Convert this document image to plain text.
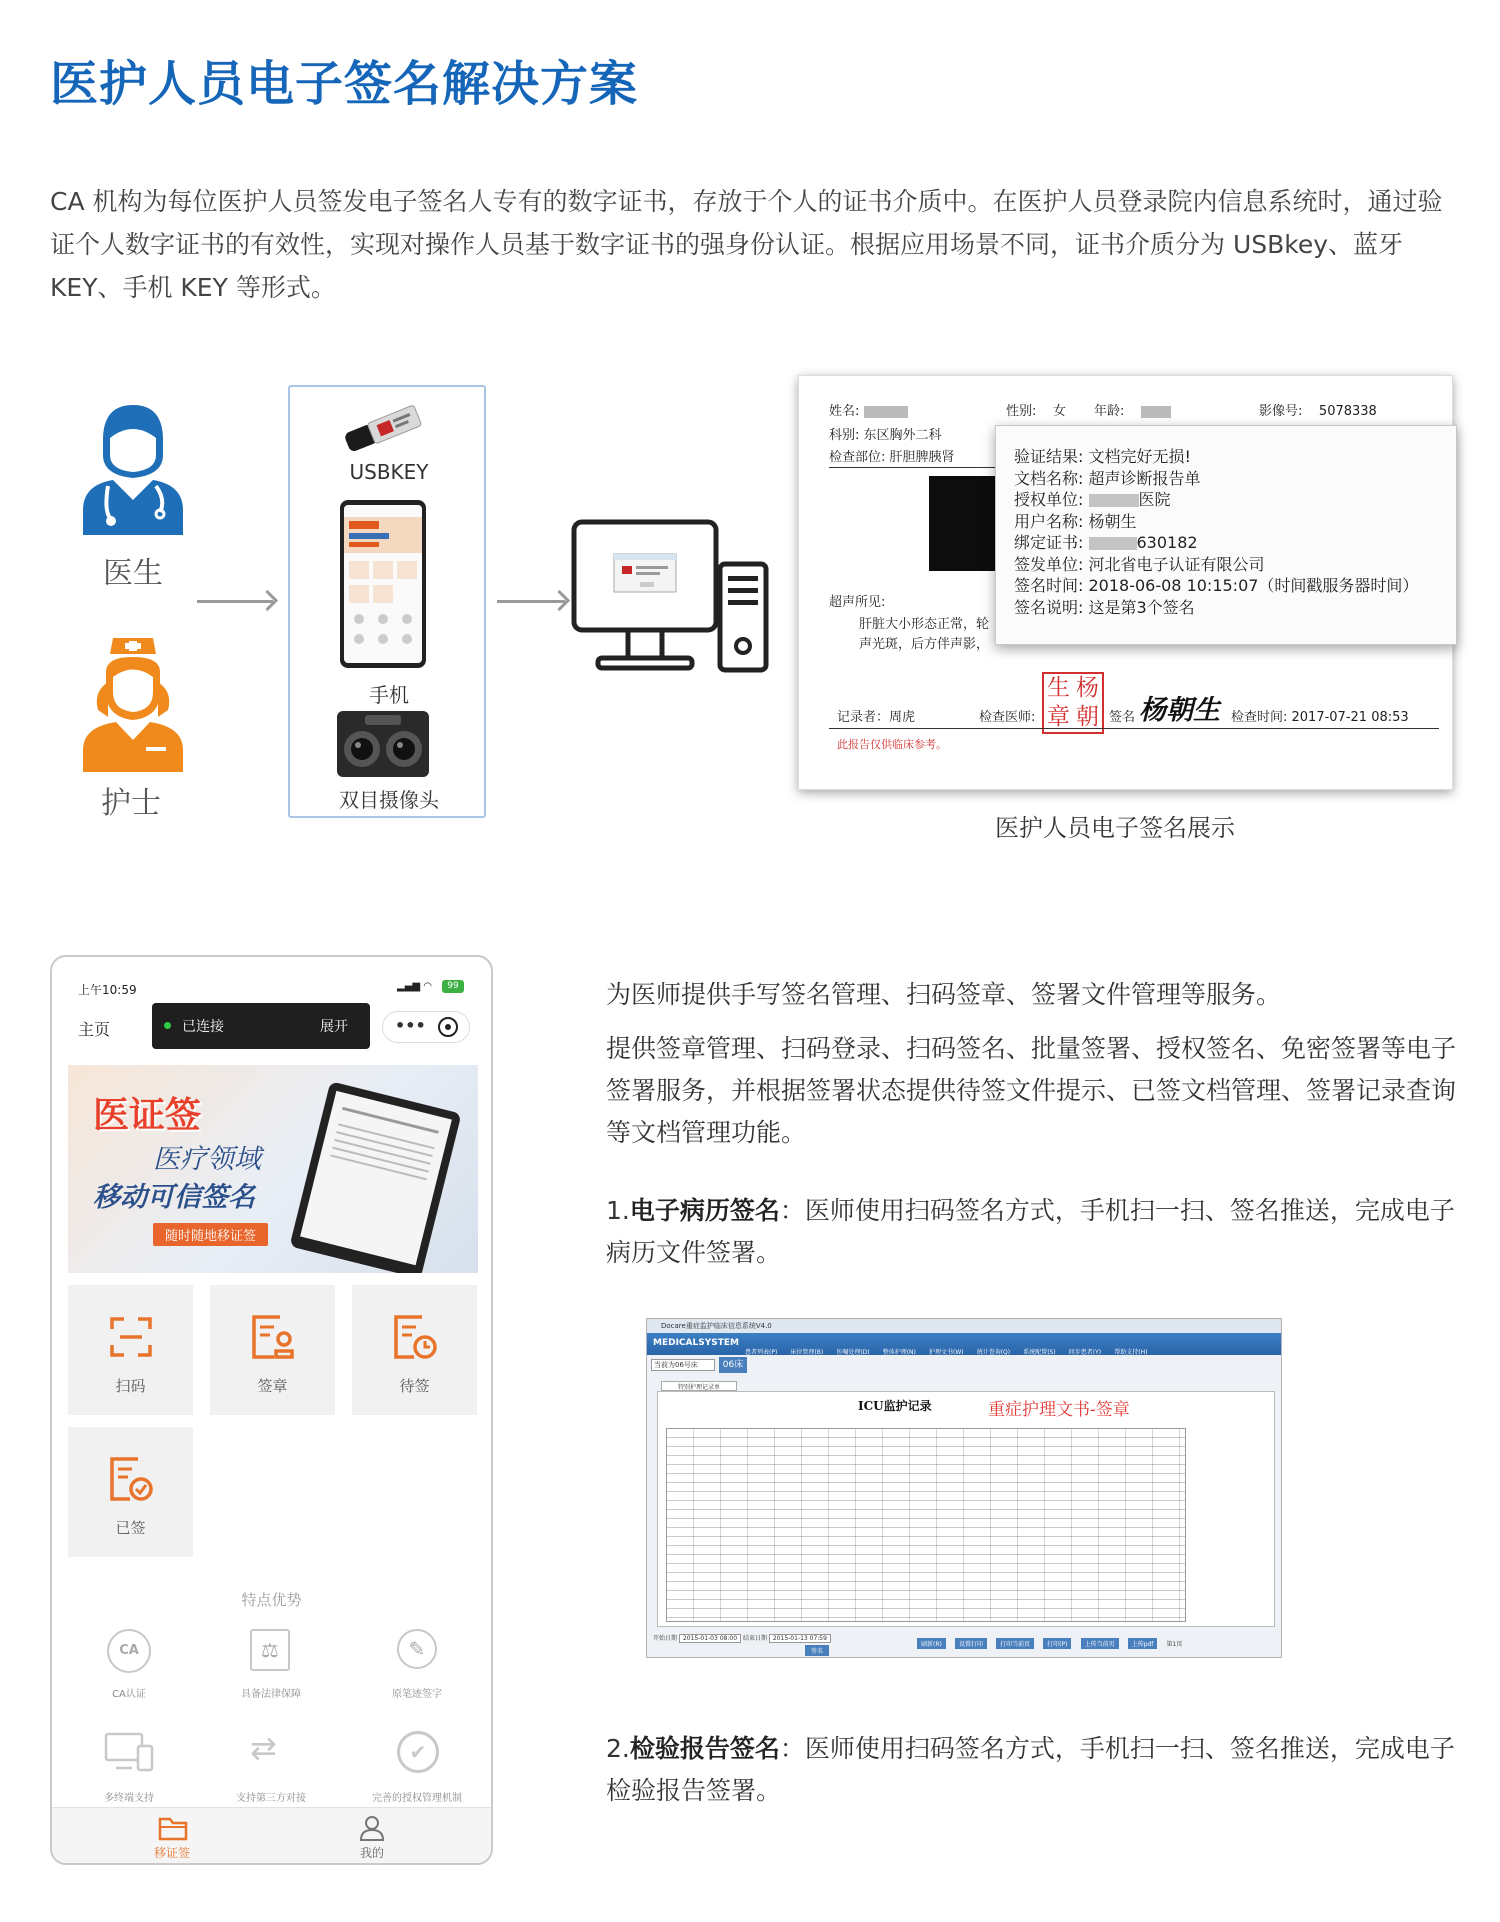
医护人员电子签名解决方案
CA 机构为每位医护人员签发电子签名人专有的数字证书，存放于个人的证书介质中。在医护人员登录院内信息系统时，通过验证个人数字证书的有效性，实现对操作人员基于数字证书的强身份认证。根据应用场景不同，证书介质分为 USBkey、蓝牙KEY、手机 KEY 等形式。
医生
护士
USBKEY
手机
双目摄像头
姓名:	性别: 女 年龄:	影像号: 5078338
科别: 东区胸外二科
检查部位: 肝胆脾胰肾
超声所见:
肝脏大小形态正常，轮
声光斑，后方伴声影，
记录者：周虎	检查医师:
生 杨
章 朝 签名 杨朝生 检查时间: 2017-07-21 08:53
此报告仅供临床参考。
验证结果: 文档完好无损!
文档名称: 超声诊断报告单
授权单位:	医院
用户名称: 杨朝生
绑定证书:	630182
签发单位: 河北省电子认证有限公司
签名时间: 2018-06-08 10:15:07（时间戳服务器时间）
签名说明: 这是第3个签名
医护人员电子签名展示
上午10:59	▂▄▆ ◠	99
主页	已连接	展开	•••
医证签
医疗领域
移动可信签名
随时随地移证签
扫码	签章	待签
已签
特点优势
CA
CA认证
⚖
具备法律保障
✎
原笔迹签字
多终端支持
⇄
支持第三方对接
✔
完善的授权管理机制
移证签	我的
为医师提供手写签名管理、扫码签章、签署文件管理等服务。
提供签章管理、扫码登录、扫码签名、批量签署、授权签名、免密签署等电子签署服务，并根据签署状态提供待签文件提示、已签文档管理、签署记录查询等文档管理功能。
1.电子病历签名：医师使用扫码签名方式，手机扫一扫、签名推送，完成电子病历文件签署。
Docare重症监护临床信息系统V4.0
MEDICALSYSTEM
患者列表(P) 床位管理(B) 医嘱处理(D) 整体护理(N) 护理文书(W) 统计查询(Q) 系统配置(S) 同步患者(Y) 帮助支持(H)
当前为06号床	06床
特别护理记录单
ICU监护记录	重症护理文书-签章
开始日期 2015-01-03 08:00 结束日期 2015-01-13 07:59
刷新(R)	设置打印	打印当前页	打印(P)	上传当前页	上传pdf 第1页
签名
2.检验报告签名：医师使用扫码签名方式，手机扫一扫、签名推送，完成电子检验报告签署。
